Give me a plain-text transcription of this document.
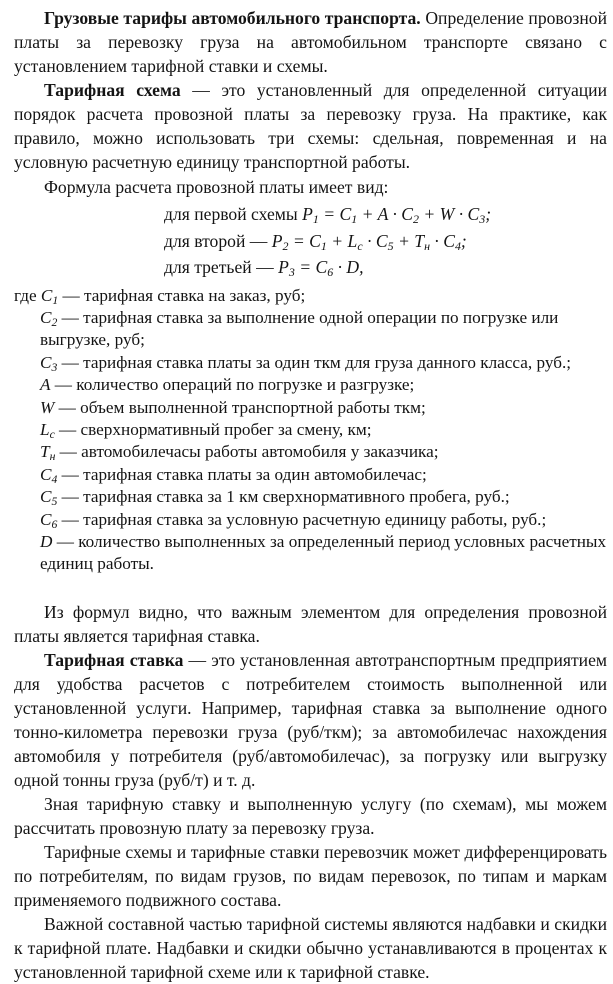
Грузовые тарифы автомобильного транспорта. Определение провозной платы за перевозку груза на автомобильном транспорте связано с установлением тарифной ставки и схемы.

Тарифная схема — это установленный для определенной ситуации порядок расчета провозной платы за перевозку груза. На практике, как правило, можно использовать три схемы: сдельная, повременная и на условную расчетную единицу транспортной работы.

Формула расчета провозной платы имеет вид:

для первой схемы $P_1 = C_1 + A \cdot C_2 + W \cdot C_3$;
для второй — $P_2 = C_1 + L_c \cdot C_5 + T_н \cdot C_4$;
для третьей — $P_3 = C_6 \cdot D$,
где $C_1$ — тарифная ставка на заказ, руб;
$C_2$ — тарифная ставка за выполнение одной операции по погрузке или выгрузке, руб;
$C_3$ — тарифная ставка платы за один ткм для груза данного класса, руб.;
A — количество операций по погрузке и разгрузке;
W — объем выполненной транспортной работы ткм;
$L_c$ — сверхнормативный пробег за смену, км;
$T_н$ — автомобилечасы работы автомобиля у заказчика;
$C_4$ — тарифная ставка платы за один автомобилечас;
$C_5$ — тарифная ставка за 1 км сверхнормативного пробега, руб.;
$C_6$ — тарифная ставка за условную расчетную единицу работы, руб.;
D — количество выполненных за определенный период условных расчетных единиц работы.

Из формул видно, что важным элементом для определения провозной платы является тарифная ставка.

Тарифная ставка — это установленная автотранспортным предприятием для удобства расчетов с потребителем стоимость выполненной или установленной услуги. Например, тарифная ставка за выполнение одного тонно-километра перевозки груза (руб/ткм); за автомобилечас нахождения автомобиля у потребителя (руб/автомобилечас), за погрузку или выгрузку одной тонны груза (руб/т) и т. д.

Зная тарифную ставку и выполненную услугу (по схемам), мы можем рассчитать провозную плату за перевозку груза.

Тарифные схемы и тарифные ставки перевозчик может дифференцировать по потребителям, по видам грузов, по видам перевозок, по типам и маркам применяемого подвижного состава.

Важной составной частью тарифной системы являются надбавки и скидки к тарифной плате. Надбавки и скидки обычно устанавливаются в процентах к установленной тарифной схеме или к тарифной ставке.
